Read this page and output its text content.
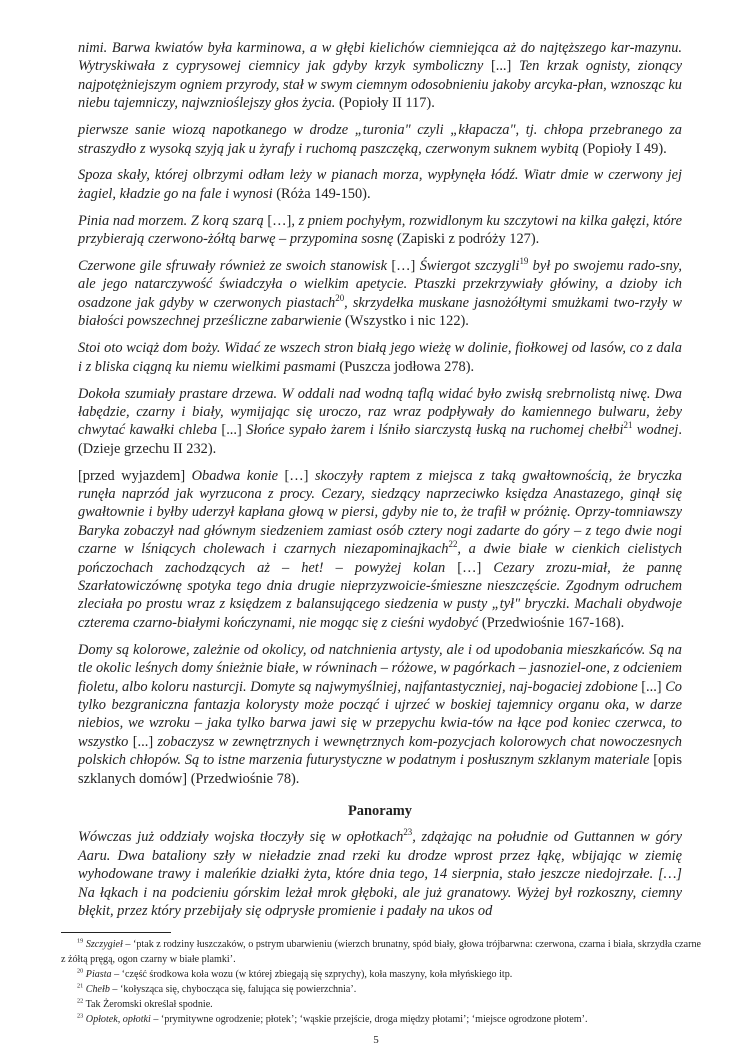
nimi. Barwa kwiatów była karminowa, a w głębi kielichów ciemniejąca aż do najtęższego kar-mazynu. Wytryskiwała z cyprysowej ciemnicy jak gdyby krzyk symboliczny [...] Ten krzak ognisty, zionący najpotężniejszym ogniem przyrody, stał w swym ciemnym odosobnieniu jakoby arcyka-płan, wznosząc ku niebu tajemniczy, najwznioślejszy głos życia. (Popioły II 117).

pierwsze sanie wiozą napotkanego w drodze „turonia" czyli „kłapacza", tj. chłopa przebranego za straszydło z wysoką szyją jak u żyrafy i ruchomą paszczęką, czerwonym suknem wybitą (Popioły I 49).

Spoza skały, której olbrzymi odłam leży w pianach morza, wypłynęła łódź. Wiatr dmie w czerwony jej żagiel, kładzie go na fale i wynosi (Róża 149-150).

Pinia nad morzem. Z korą szarą […], z pniem pochyłym, rozwidlonym ku szczytowi na kilka gałęzi, które przybierają czerwono-żółtą barwę – przypomina sosnę (Zapiski z podróży 127).

Czerwone gile sfruwały również ze swoich stanowisk […] Świergot szczygli$^{19}$ był po swojemu rado-sny, ale jego natarczywość świadczyła o wielkim apetycie. Ptaszki przekrzywiały główiny, a dzioby ich osadzone jak gdyby w czerwonych piastach$^{20}$, skrzydełka muskane jasnożółtymi smużkami two-rzyły w białości powszechnej prześliczne zabarwienie (Wszystko i nic 122).

Stoi oto wciąż dom boży. Widać ze wszech stron białą jego wieżę w dolinie, fiołkowej od lasów, co z dala i z bliska ciągną ku niemu wielkimi pasmami (Puszcza jodłowa 278).

Dokoła szumiały prastare drzewa. W oddali nad wodną taflą widać było zwisłą srebrnolistą niwę. Dwa łabędzie, czarny i biały, wymijając się uroczo, raz wraz podpływały do kamiennego bulwaru, żeby chwytać kawałki chleba [...] Słońce sypało żarem i lśniło siarczystą łuską na ruchomej chełbi$^{21}$ wodnej. (Dzieje grzechu II 232).

[przed wyjazdem] Obadwa konie […] skoczyły raptem z miejsca z taką gwałtownością, że bryczka runęła naprzód jak wyrzucona z procy. Cezary, siedzący naprzeciwko księdza Anastazego, ginął się gwałtownie i byłby uderzył kapłana głową w piersi, gdyby nie to, że trafił w próżnię. Oprzy-tomniawszy Baryka zobaczył nad głównym siedzeniem zamiast osób cztery nogi zadarte do góry – z tego dwie nogi czarne w lśniących cholewach i czarnych niezapominajkach$^{22}$, a dwie białe w cienkich cielistych pończochach zachodzących aż – het! – powyżej kolan […] Cezary zrozu-miał, że pannę Szarłatowiczównę spotyka tego dnia drugie nieprzyzwoicie-śmieszne nieszczęście. Zgodnym odruchem zleciała po prostu wraz z księdzem z balansującego siedzenia w pusty „tył" bryczki. Machali obydwoje czterema czarno-białymi kończynami, nie mogąc się z cieśni wydobyć (Przedwiośnie 167-168).

Domy są kolorowe, zależnie od okolicy, od natchnienia artysty, ale i od upodobania mieszkańców. Są na tle okolic leśnych domy śnieżnie białe, w równinach – różowe, w pagórkach – jasnoziel-one, z odcieniem fioletu, albo koloru nasturcji. Domyte są najwymyślniej, najfantastyczniej, naj-bogaciej zdobione [...] Co tylko bezgraniczna fantazja kolorysty może począć i ujrzeć w boskiej tajemnicy organu oka, w darze niebios, we wzroku – jaka tylko barwa jawi się w przepychu kwia-tów na łące pod koniec czerwca, to wszystko [...] zobaczysz w zewnętrznych i wewnętrznych kom-pozycjach kolorowych chat nowoczesnych polskich chłopów. Są to istne marzenia futurystyczne w podatnym i posłusznym szklanym materiale [opis szklanych domów] (Przedwiośnie 78).

Panoramy

Wówczas już oddziały wojska tłoczyły się w opłotkach$^{23}$, zdążając na południe od Guttannen w góry Aaru. Dwa bataliony szły w nieładzie znad rzeki ku drodze wprost przez łąkę, wbijając w ziemię wyhodowane trawy i maleńkie działki żyta, które dnia tego, 14 sierpnia, stało jeszcze niedojrzałe. […] Na łąkach i na podcieniu górskim leżał mrok głęboki, ale już granatowy. Wyżej był rozkoszny, ciemny błękit, przez który przebijały się odprysłe promienie i padały na ukos od

$^{19}$ Szczygieł – ‘ptak z rodziny łuszczaków, o pstrym ubarwieniu (wierzch brunatny, spód biały, głowa trójbarwna: czerwona, czarna i biała, skrzydła czarne z żółtą pręgą, ogon czarny w białe plamki’.

$^{20}$ Piasta – ‘część środkowa koła wozu (w której zbiegają się szprychy), koła maszyny, koła młyńskiego itp.

$^{21}$ Chełb – ‘kołysząca się, chybocząca się, falująca się powierzchnia’.

$^{22}$ Tak Żeromski określał spodnie.

$^{23}$ Opłotek, opłotki – ‘prymitywne ogrodzenie; płotek’; ‘wąskie przejście, droga między płotami’; ‘miejsce ogrodzone płotem’.

5
